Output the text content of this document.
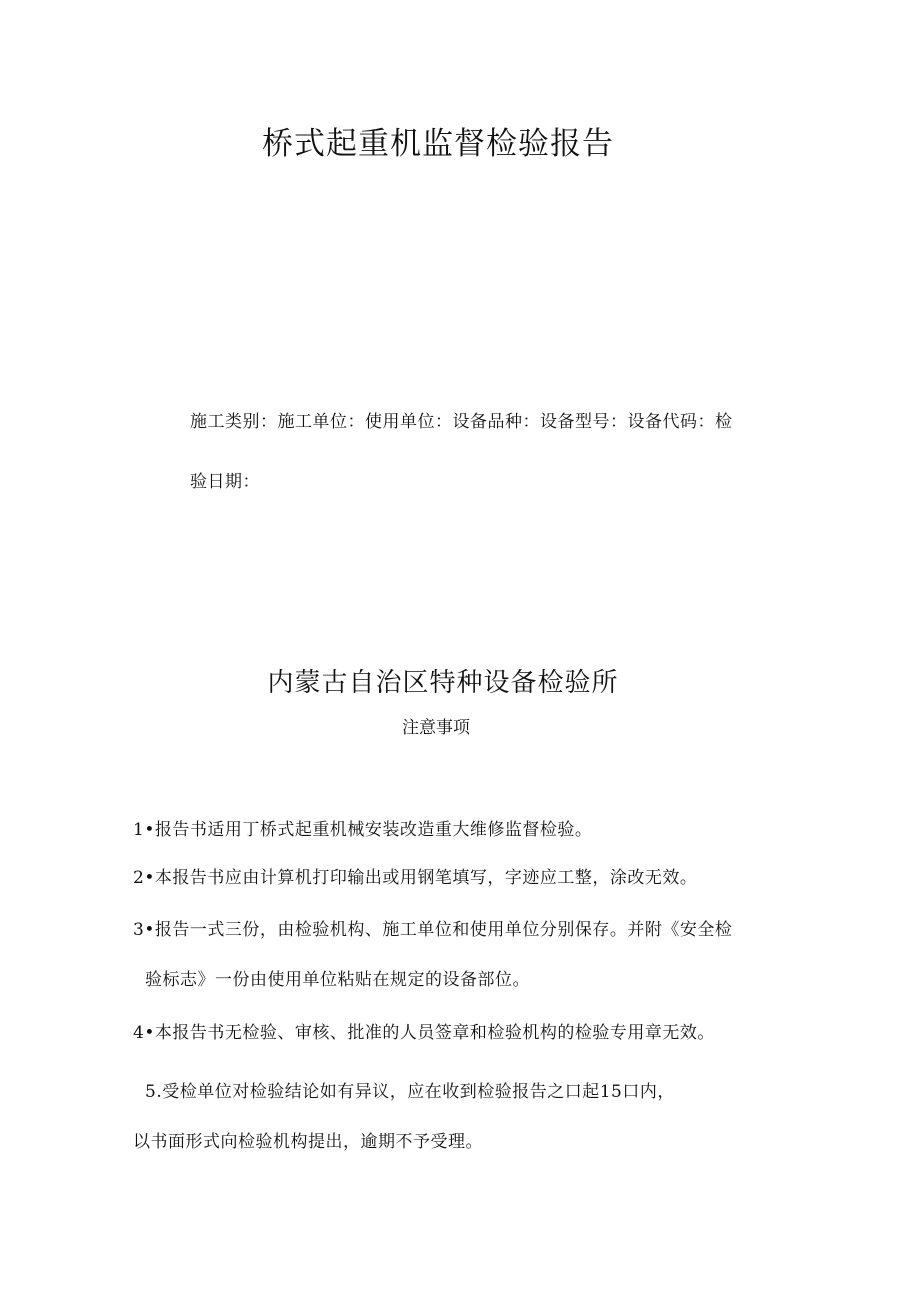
桥式起重机监督检验报告
施工类别：施工单位：使用单位：设备品种：设备型号：设备代码：检
验日期：
内蒙古自治区特种设备检验所
注意事项
1•报告书适用丁桥式起重机械安装改造重大维修监督检验。
2•本报告书应由计算机打印输出或用钢笔填写，字迹应工整，涂改无效。
3•报告一式三份，由检验机构、施工单位和使用单位分别保存。并附《安全检
验标志》一份由使用单位粘贴在规定的设备部位。
4•本报告书无检验、审核、批准的人员签章和检验机构的检验专用章无效。
5.受检单位对检验结论如有异议，应在收到检验报告之口起15口内，
以书面形式向检验机构提出，逾期不予受理。
